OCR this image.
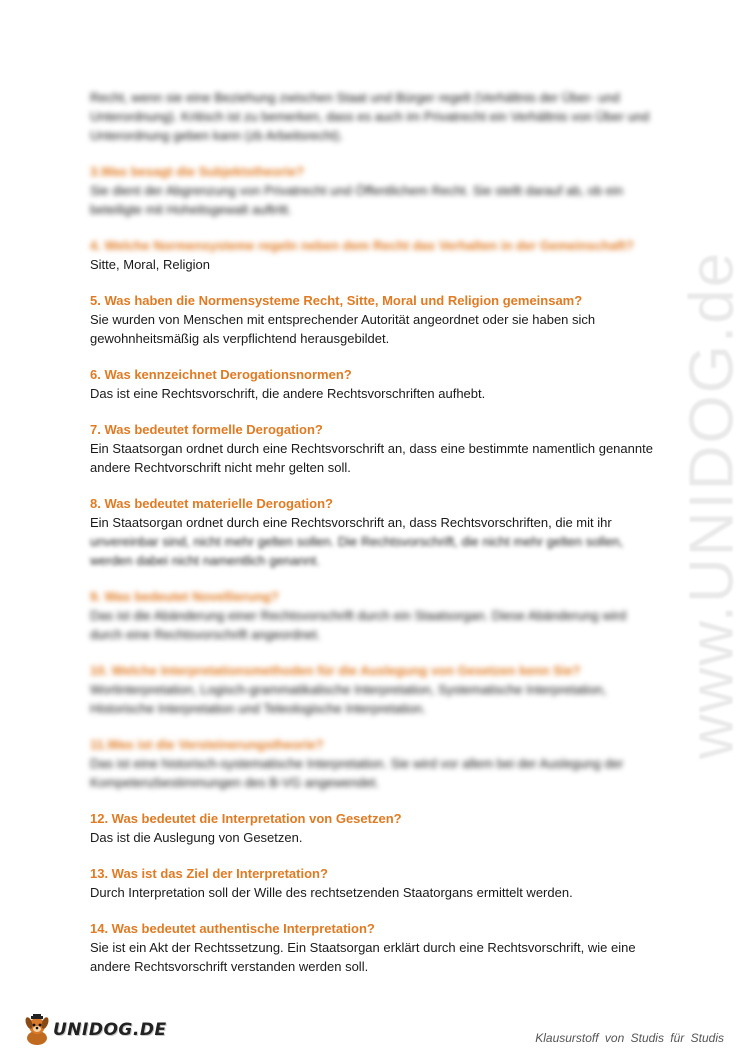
www.UNIDOG.de
Recht, wenn sie eine Beziehung zwischen Staat und Bürger regelt (Verhältnis der Über- und Unterordnung). Kritisch ist zu bemerken, dass es auch im Privatrecht ein Verhältnis von Über und Unterordnung geben kann (zb Arbeitsrecht).
3.Was besagt die Subjektstheorie?
Sie dient der Abgrenzung von Privatrecht und Öffentlichem Recht. Sie stellt darauf ab, ob ein beteiligte mit Hoheitsgewalt auftritt.
4. Welche Normensysteme regeln neben dem Recht das Verhalten in der Gemeinschaft?
Sitte, Moral, Religion
5. Was haben die Normensysteme Recht, Sitte, Moral und Religion gemeinsam?
Sie wurden von Menschen mit entsprechender Autorität angeordnet oder sie haben sich gewohnheitsmäßig als verpflichtend herausgebildet.
6. Was kennzeichnet Derogationsnormen?
Das ist eine Rechtsvorschrift, die andere Rechtsvorschriften aufhebt.
7. Was bedeutet formelle Derogation?
Ein Staatsorgan ordnet durch eine Rechtsvorschrift an, dass eine bestimmte namentlich genannte andere Rechtvorschrift nicht mehr gelten soll.
8. Was bedeutet materielle Derogation?
Ein Staatsorgan ordnet durch eine Rechtsvorschrift an, dass Rechtsvorschriften, die mit ihr
unvereinbar sind, nicht mehr gelten sollen. Die Rechtsvorschrift, die nicht mehr gelten sollen, werden dabei nicht namentlich genannt.
9. Was bedeutet Novellierung?
Das ist die Abänderung einer Rechtsvorschrift durch ein Staatsorgan. Diese Abänderung wird durch eine Rechtsvorschrift angeordnet.
10. Welche Interpretationsmethoden für die Auslegung von Gesetzen kenn Sie?
Wortinterpretation, Logisch-grammatikalische Interpretation, Systematische Interpretation, Historische Interpretation und Teleologische Interpretation.
11.Was ist die Versteinerungstheorie?
Das ist eine historisch-systematische Interpretation. Sie wird vor allem bei der Auslegung der Kompetenzbestimmungen des B-VG angewendet.
12. Was bedeutet die Interpretation von Gesetzen?
Das ist die Auslegung von Gesetzen.
13. Was ist das Ziel der Interpretation?
Durch Interpretation soll der Wille des rechtsetzenden Staatorgans ermittelt werden.
14. Was bedeutet authentische Interpretation?
Sie ist ein Akt der Rechtssetzung. Ein Staatsorgan erklärt durch eine Rechtsvorschrift, wie eine andere Rechtsvorschrift verstanden werden soll.
UNIDOG.DE	Klausurstoff von Studis für Studis
